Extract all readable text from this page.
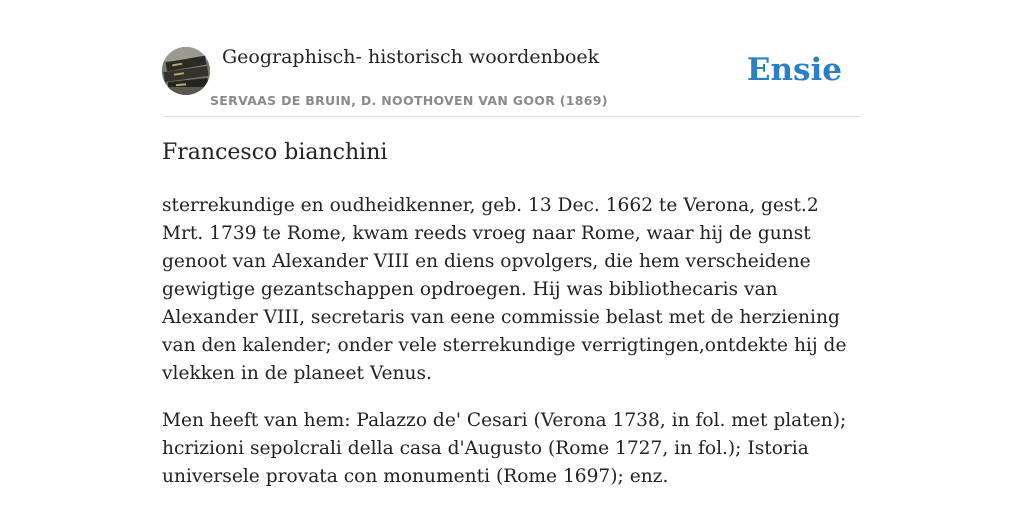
Geographisch- historisch woordenboek
SERVAAS DE BRUIN, D. NOOTHOVEN VAN GOOR (1869)
Ensie
Francesco bianchini

sterrekundige en oudheidkenner, geb. 13 Dec. 1662 te Verona, gest.2 Mrt. 1739 te Rome, kwam reeds vroeg naar Rome, waar hij de gunst genoot van Alexander VIII en diens opvolgers, die hem verscheidene gewigtige gezantschappen opdroegen. Hij was bibliothecaris van Alexander VIII, secretaris van eene commissie belast met de herziening van den kalender; onder vele sterrekundige verrigtingen,ontdekte hij de vlekken in de planeet Venus.

Men heeft van hem: Palazzo de' Cesari (Verona 1738, in fol. met platen); hcrizioni sepolcrali della casa d'Augusto (Rome 1727, in fol.); Istoria universele provata con monumenti (Rome 1697); enz.
